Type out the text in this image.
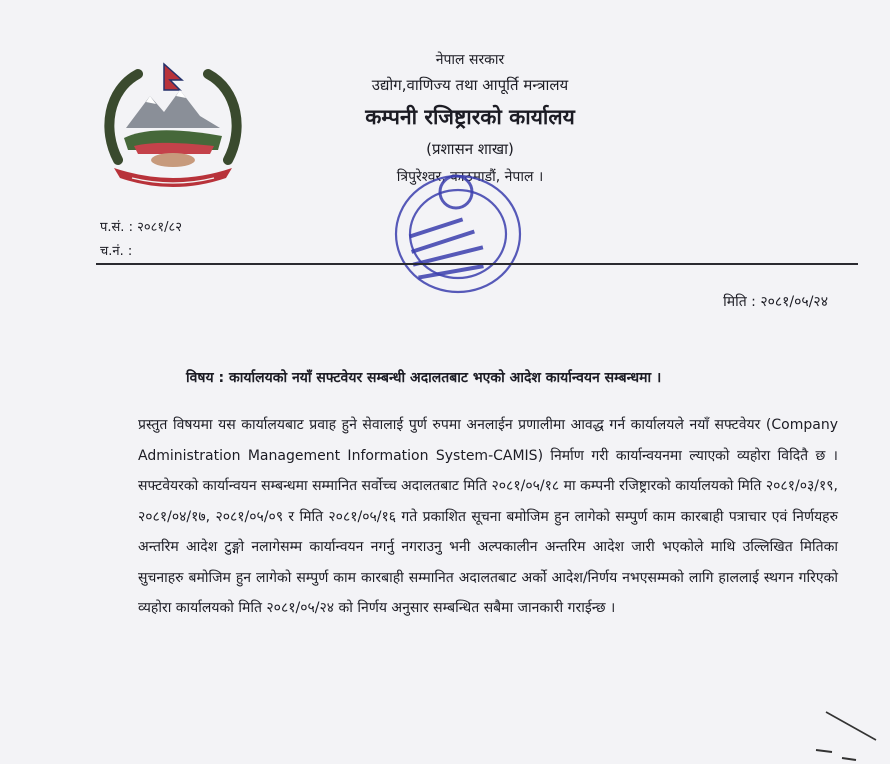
नेपाल सरकार
उद्योग,वाणिज्य तथा आपूर्ति मन्त्रालय
कम्पनी रजिष्ट्रारको कार्यालय
(प्रशासन शाखा)
त्रिपुरेश्वर, काठमाडौं, नेपाल ।
प.सं. : २०८१/८२
च.नं. :
मिति : २०८१/०५/२४
विषय : कार्यालयको नयाँ सफ्टवेयर सम्बन्धी अदालतबाट भएको आदेश कार्यान्वयन सम्बन्धमा ।
प्रस्तुत विषयमा यस कार्यालयबाट प्रवाह हुने सेवालाई पुर्ण रुपमा अनलाईन प्रणालीमा आवद्ध गर्न कार्यालयले नयाँ सफ्टवेयर (Company Administration Management Information System-CAMIS) निर्माण गरी कार्यान्वयनमा ल्याएको व्यहोरा विदितै छ । सफ्टवेयरको कार्यान्वयन सम्बन्धमा सम्मानित सर्वोच्च अदालतबाट मिति २०८१/०५/१८ मा कम्पनी रजिष्ट्रारको कार्यालयको मिति २०८१/०३/१९, २०८१/०४/१७, २०८१/०५/०९ र मिति २०८१/०५/१६ गते प्रकाशित सूचना बमोजिम हुन लागेको सम्पुर्ण काम कारबाही पत्राचार एवं निर्णयहरु अन्तरिम आदेश टुङ्गो नलागेसम्म कार्यान्वयन नगर्नु नगराउनु भनी अल्पकालीन अन्तरिम आदेश जारी भएकोले माथि उल्लिखित मितिका सुचनाहरु बमोजिम हुन लागेको सम्पुर्ण काम कारबाही सम्मानित अदालतबाट अर्को आदेश/निर्णय नभएसम्मको लागि हाललाई स्थगन गरिएको व्यहोरा कार्यालयको मिति २०८१/०५/२४ को निर्णय अनुसार सम्बन्धित सबैमा जानकारी गराईन्छ ।
